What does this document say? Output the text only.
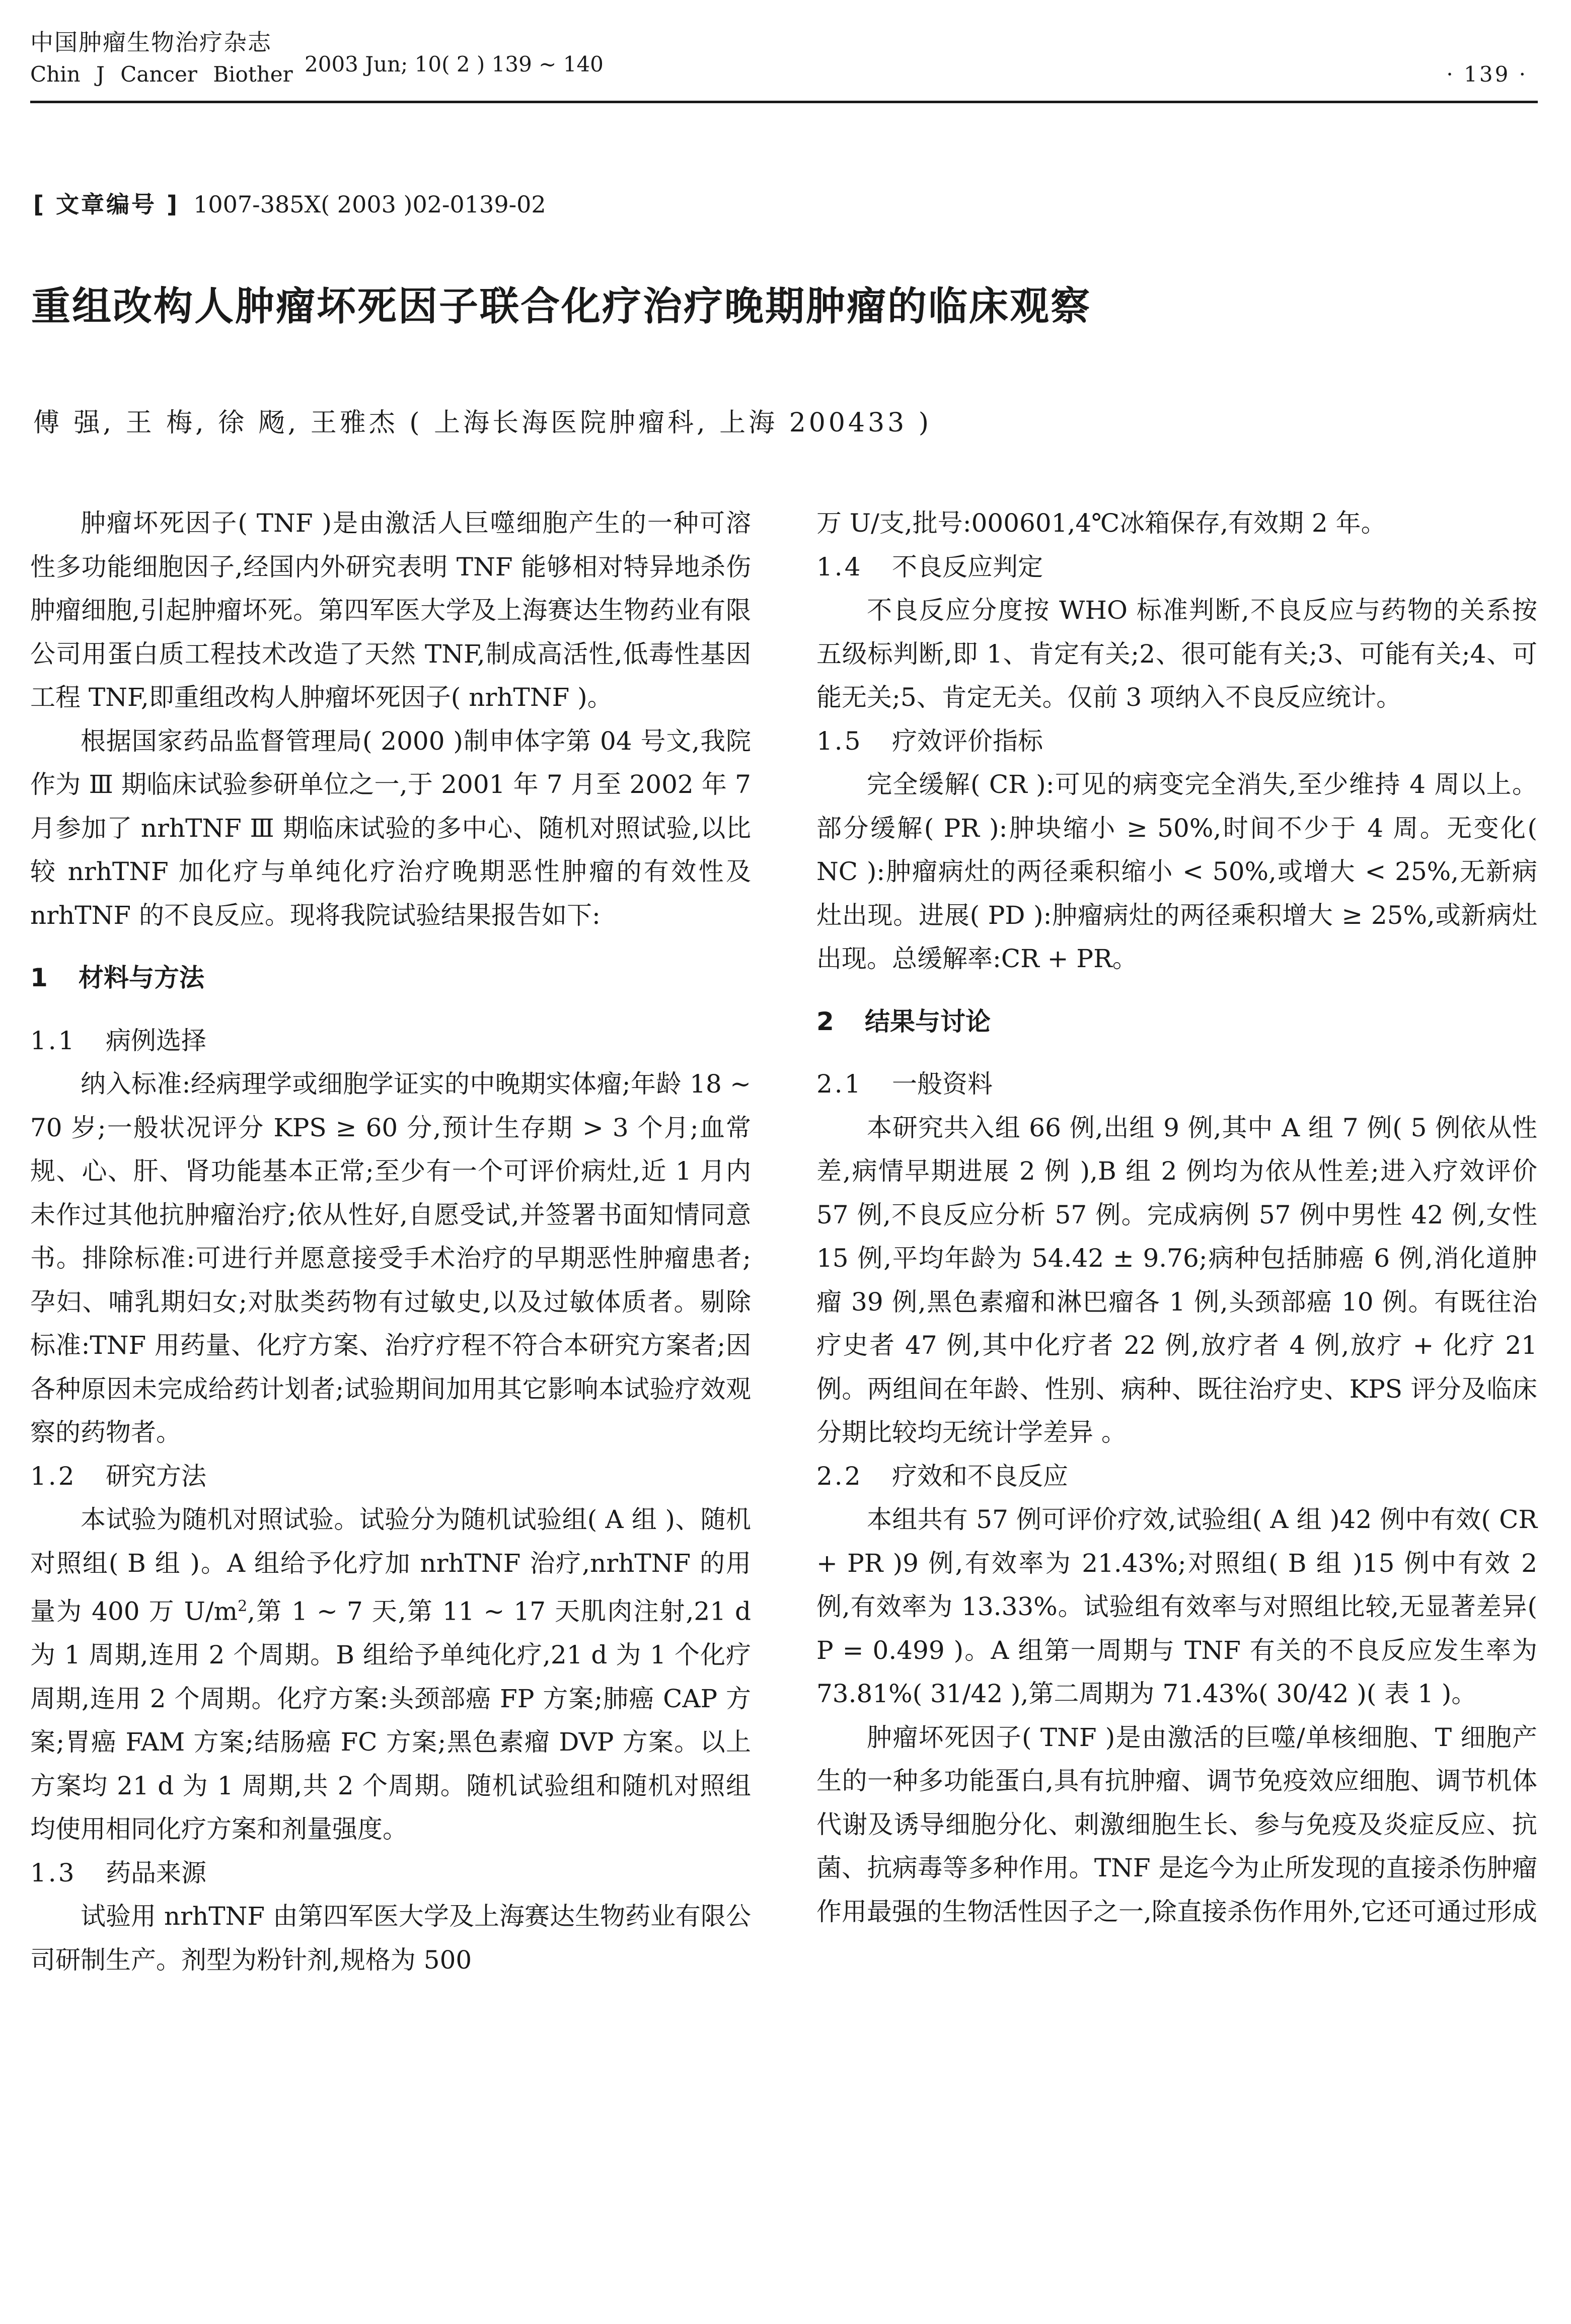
中国肿瘤生物治疗杂志
Chin J Cancer Biother 2003 Jun; 10( 2 ) 139 ~ 140	· 139 ·
[ 文章编号 ] 1007-385X( 2003 )02-0139-02
重组改构人肿瘤坏死因子联合化疗治疗晚期肿瘤的临床观察
傅 强, 王 梅, 徐 飏, 王雅杰 ( 上海长海医院肿瘤科, 上海 200433 )

肿瘤坏死因子( TNF )是由激活人巨噬细胞产生的一种可溶性多功能细胞因子,经国内外研究表明 TNF 能够相对特异地杀伤肿瘤细胞,引起肿瘤坏死。第四军医大学及上海赛达生物药业有限公司用蛋白质工程技术改造了天然 TNF,制成高活性,低毒性基因工程 TNF,即重组改构人肿瘤坏死因子( nrhTNF )。

根据国家药品监督管理局( 2000 )制申体字第 04 号文,我院作为 Ⅲ 期临床试验参研单位之一,于 2001 年 7 月至 2002 年 7 月参加了 nrhTNF Ⅲ 期临床试验的多中心、随机对照试验,以比较 nrhTNF 加化疗与单纯化疗治疗晚期恶性肿瘤的有效性及 nrhTNF 的不良反应。现将我院试验结果报告如下:

1 材料与方法
1.1 病例选择

纳入标准:经病理学或细胞学证实的中晚期实体瘤;年龄 18 ~ 70 岁;一般状况评分 KPS ≥ 60 分,预计生存期 > 3 个月;血常规、心、肝、肾功能基本正常;至少有一个可评价病灶,近 1 月内未作过其他抗肿瘤治疗;依从性好,自愿受试,并签署书面知情同意书。排除标准:可进行并愿意接受手术治疗的早期恶性肿瘤患者;孕妇、哺乳期妇女;对肽类药物有过敏史,以及过敏体质者。剔除标准:TNF 用药量、化疗方案、治疗疗程不符合本研究方案者;因各种原因未完成给药计划者;试验期间加用其它影响本试验疗效观察的药物者。

1.2 研究方法

本试验为随机对照试验。试验分为随机试验组( A 组 )、随机对照组( B 组 )。A 组给予化疗加 nrhTNF 治疗,nrhTNF 的用量为 400 万 $U/m^2$,第 1 ~ 7 天,第 11 ~ 17 天肌肉注射,21 d 为 1 周期,连用 2 个周期。B 组给予单纯化疗,21 d 为 1 个化疗周期,连用 2 个周期。化疗方案:头颈部癌 FP 方案;肺癌 CAP 方案;胃癌 FAM 方案;结肠癌 FC 方案;黑色素瘤 DVP 方案。以上方案均 21 d 为 1 周期,共 2 个周期。随机试验组和随机对照组均使用相同化疗方案和剂量强度。

1.3 药品来源

试验用 nrhTNF 由第四军医大学及上海赛达生物药业有限公司研制生产。剂型为粉针剂,规格为 500

万 U/支,批号:000601,4℃冰箱保存,有效期 2 年。

1.4 不良反应判定

不良反应分度按 WHO 标准判断,不良反应与药物的关系按五级标判断,即 1、肯定有关;2、很可能有关;3、可能有关;4、可能无关;5、肯定无关。仅前 3 项纳入不良反应统计。

1.5 疗效评价指标

完全缓解( CR ):可见的病变完全消失,至少维持 4 周以上。部分缓解( PR ):肿块缩小 ≥ 50%,时间不少于 4 周。无变化( NC ):肿瘤病灶的两径乘积缩小 < 50%,或增大 < 25%,无新病灶出现。进展( PD ):肿瘤病灶的两径乘积增大 ≥ 25%,或新病灶出现。总缓解率:CR + PR。

2 结果与讨论
2.1 一般资料

本研究共入组 66 例,出组 9 例,其中 A 组 7 例( 5 例依从性差,病情早期进展 2 例 ),B 组 2 例均为依从性差;进入疗效评价 57 例,不良反应分析 57 例。完成病例 57 例中男性 42 例,女性 15 例,平均年龄为 54.42 ± 9.76;病种包括肺癌 6 例,消化道肿瘤 39 例,黑色素瘤和淋巴瘤各 1 例,头颈部癌 10 例。有既往治疗史者 47 例,其中化疗者 22 例,放疗者 4 例,放疗 + 化疗 21 例。两组间在年龄、性别、病种、既往治疗史、KPS 评分及临床分期比较均无统计学差异 。

2.2 疗效和不良反应

本组共有 57 例可评价疗效,试验组( A 组 )42 例中有效( CR + PR )9 例,有效率为 21.43%;对照组( B 组 )15 例中有效 2 例,有效率为 13.33%。试验组有效率与对照组比较,无显著差异( P = 0.499 )。A 组第一周期与 TNF 有关的不良反应发生率为 73.81%( 31/42 ),第二周期为 71.43%( 30/42 )( 表 1 )。

肿瘤坏死因子( TNF )是由激活的巨噬/单核细胞、T 细胞产生的一种多功能蛋白,具有抗肿瘤、调节免疫效应细胞、调节机体代谢及诱导细胞分化、刺激细胞生长、参与免疫及炎症反应、抗菌、抗病毒等多种作用。TNF 是迄今为止所发现的直接杀伤肿瘤作用最强的生物活性因子之一,除直接杀伤作用外,它还可通过形成
